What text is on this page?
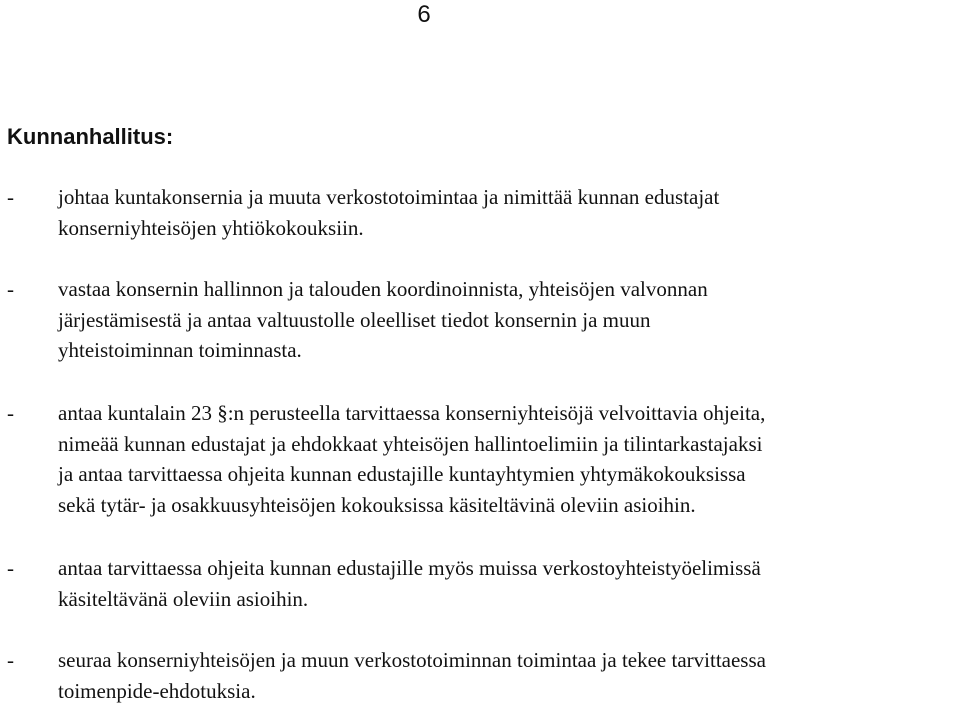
6
Kunnanhallitus:
- johtaa kuntakonsernia ja muuta verkostotoimintaa ja nimittää kunnan edustajat
konserniyhteisöjen yhtiökokouksiin.
- vastaa konsernin hallinnon ja talouden koordinoinnista, yhteisöjen valvonnan
järjestämisestä ja antaa valtuustolle oleelliset tiedot konsernin ja muun
yhteistoiminnan toiminnasta.
- antaa kuntalain 23 §:n perusteella tarvittaessa konserniyhteisöjä velvoittavia ohjeita,
nimeää kunnan edustajat ja ehdokkaat yhteisöjen hallintoelimiin ja tilintarkastajaksi
ja antaa tarvittaessa ohjeita kunnan edustajille kuntayhtymien yhtymäkokouksissa
sekä tytär- ja osakkuusyhteisöjen kokouksissa käsiteltävinä oleviin asioihin.
- antaa tarvittaessa ohjeita kunnan edustajille myös muissa verkostoyhteistyöelimissä
käsiteltävänä oleviin asioihin.
- seuraa konserniyhteisöjen ja muun verkostotoiminnan toimintaa ja tekee tarvittaessa
toimenpide-ehdotuksia.
